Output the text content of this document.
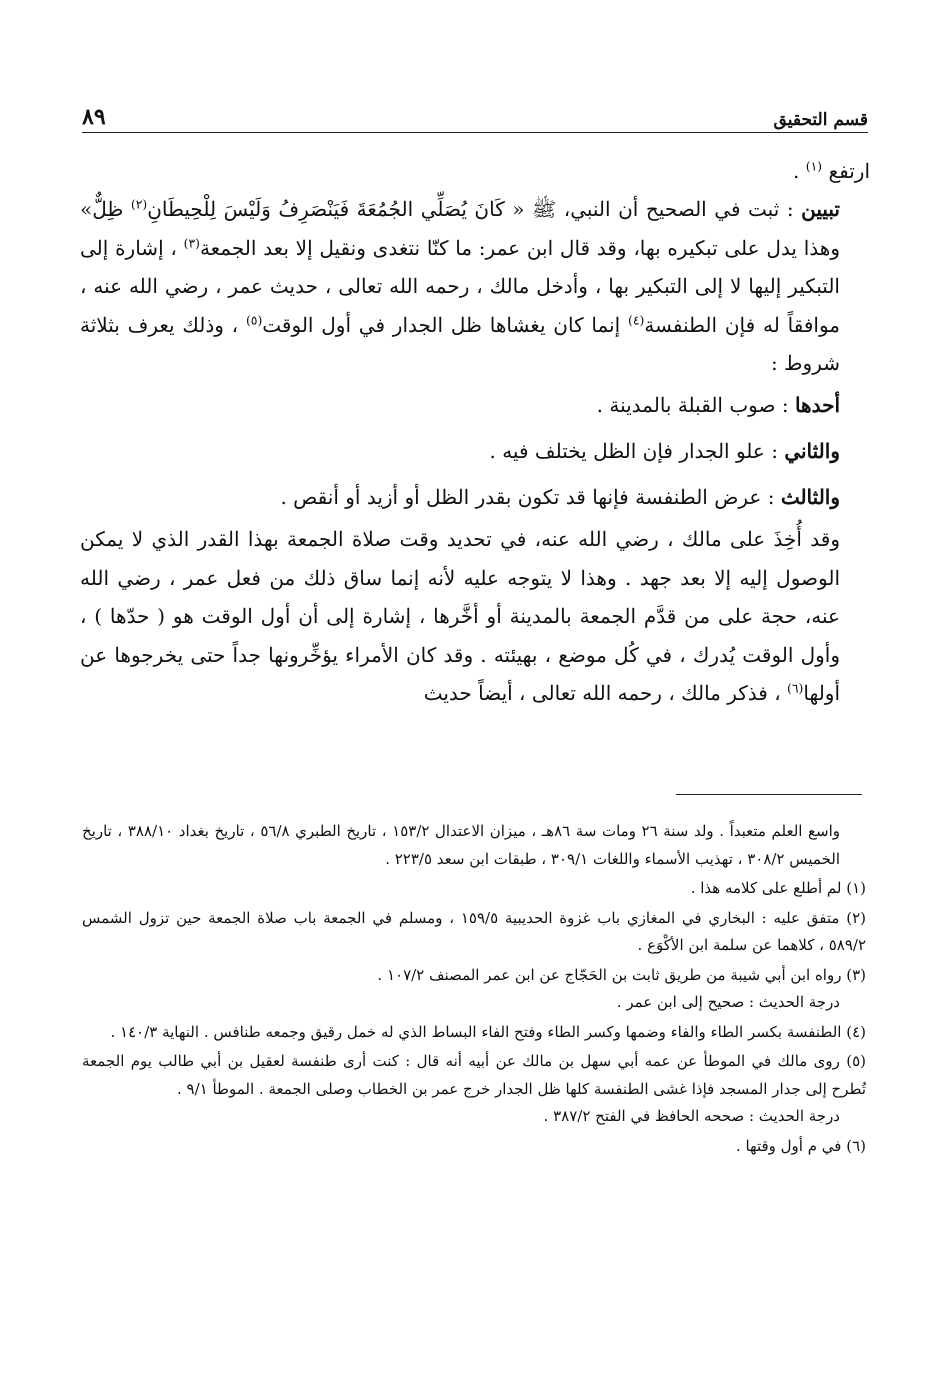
قسم التحقيق
٨٩

ارتفع $^{(١)}$ .

تبيين : ثبت في الصحيح أن النبي، ﷺ « كَانَ يُصَلِّي الجُمُعَةَ فَيَنْصَرِفُ وَلَيْسَ لِلْحِيطَانِ$^{(٢)}$ ظِلٌّ» وهذا يدل على تبكيره بها، وقد قال ابن عمر: ما كنّا نتغدى ونقيل إلا بعد الجمعة$^{(٣)}$ ، إشارة إلى التبكير إليها لا إلى التبكير بها ، وأدخل مالك ، رحمه الله تعالى ، حديث عمر ، رضي الله عنه ، موافقاً له فإن الطنفسة$^{(٤)}$ إنما كان يغشاها ظل الجدار في أول الوقت$^{(٥)}$ ، وذلك يعرف بثلاثة شروط :

أحدها : صوب القبلة بالمدينة .

والثاني : علو الجدار فإن الظل يختلف فيه .

والثالث : عرض الطنفسة فإنها قد تكون بقدر الظل أو أزيد أو أنقص .

وقد أُخِذَ على مالك ، رضي الله عنه، في تحديد وقت صلاة الجمعة بهذا القدر الذي لا يمكن الوصول إليه إلا بعد جهد . وهذا لا يتوجه عليه لأنه إنما ساق ذلك من فعل عمر ، رضي الله عنه، حجة على من قدَّم الجمعة بالمدينة أو أخَّرها ، إشارة إلى أن أول الوقت هو ( حدّها ) ، وأول الوقت يُدرك ، في كُل موضع ، بهيئته . وقد كان الأمراء يؤخِّرونها جداً حتى يخرجوها عن أولها$^{(٦)}$ ، فذكر مالك ، رحمه الله تعالى ، أيضاً حديث

واسع العلم متعبداً . ولد سنة ٢٦ ومات سة ٨٦هـ ، ميزان الاعتدال ١٥٣/٢ ، تاريخ الطبري ٥٦/٨ ، تاريخ بغداد ٣٨٨/١٠ ، تاريخ الخميس ٣٠٨/٢ ، تهذيب الأسماء واللغات ٣٠٩/١ ، طبقات ابن سعد ٢٢٣/٥ .

(١) لم أطلع على كلامه هذا .

(٢) متفق عليه : البخاري في المغازي باب غزوة الحديبية ١٥٩/٥ ، ومسلم في الجمعة باب صلاة الجمعة حين تزول الشمس ٥٨٩/٢ ، كلاهما عن سلمة ابن الأكْوَع .

(٣) رواه ابن أبي شيبة من طريق ثابت بن الحَجّاج عن ابن عمر المصنف ١٠٧/٢ .

درجة الحديث : صحيح إلى ابن عمر .

(٤) الطنفسة بكسر الطاء والفاء وضمها وكسر الطاء وفتح الفاء البساط الذي له خمل رقيق وجمعه طنافس . النهاية ١٤٠/٣ .

(٥) روى مالك في الموطأ عن عمه أبي سهل بن مالك عن أبيه أنه قال : كنت أرى طنفسة لعقيل بن أبي طالب يوم الجمعة تُطرح إلى جدار المسجد فإذا غشى الطنفسة كلها ظل الجدار خرج عمر بن الخطاب وصلى الجمعة . الموطأ ٩/١ .

درجة الحديث : صححه الحافظ في الفتح ٣٨٧/٢ .

(٦) في م أول وقتها .
